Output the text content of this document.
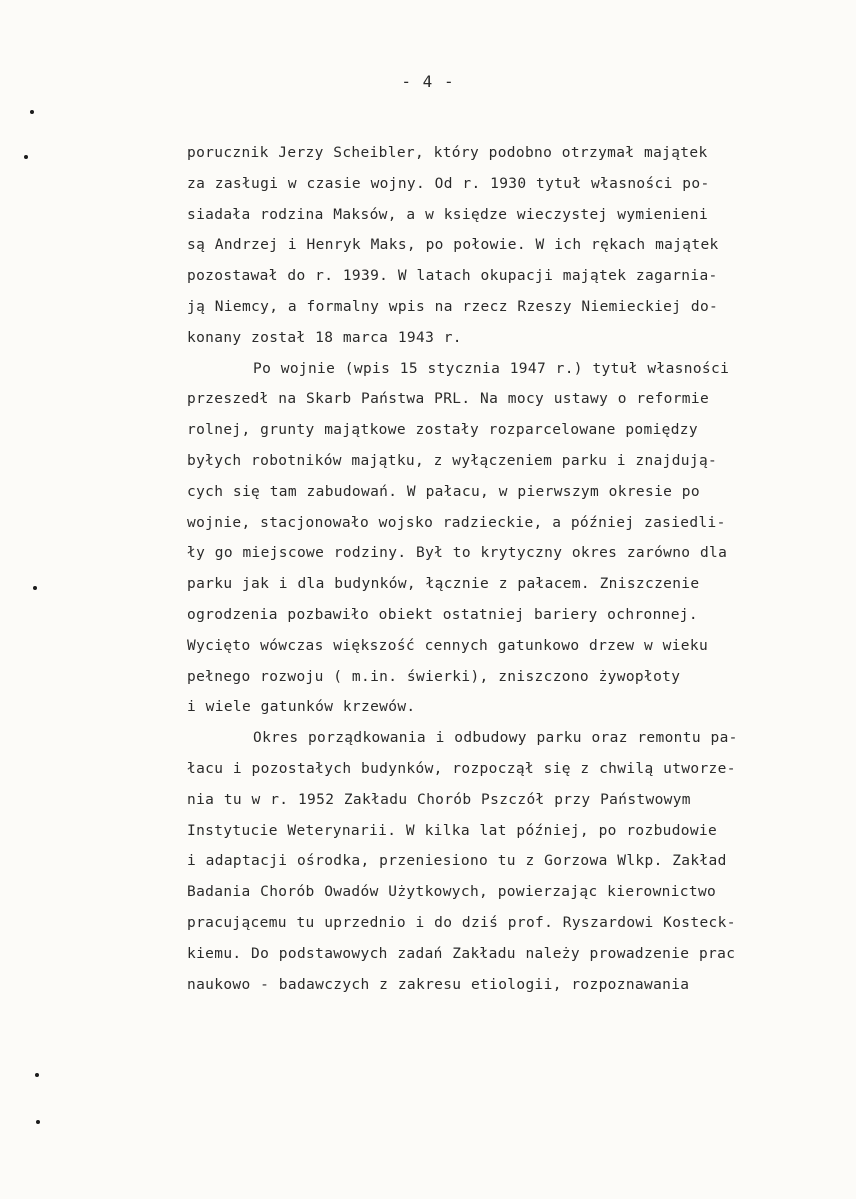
- 4 -
porucznik Jerzy Scheibler, który podobno otrzymał majątek
za zasługi w czasie wojny. Od r. 1930 tytuł własności po-
siadała rodzina Maksów, a w księdze wieczystej wymienieni
są Andrzej i Henryk Maks, po połowie. W ich rękach majątek
pozostawał do r. 1939. W latach okupacji majątek zagarnia-
ją Niemcy, a formalny wpis na rzecz Rzeszy Niemieckiej do-
konany został 18 marca 1943 r.
Po wojnie (wpis 15 stycznia 1947 r.) tytuł własności
przeszedł na Skarb Państwa PRL. Na mocy ustawy o reformie
rolnej, grunty majątkowe zostały rozparcelowane pomiędzy
byłych robotników majątku, z wyłączeniem parku i znajdują-
cych się tam zabudowań. W pałacu, w pierwszym okresie po
wojnie, stacjonowało wojsko radzieckie, a później zasiedli-
ły go miejscowe rodziny. Był to krytyczny okres zarówno dla
parku jak i dla budynków, łącznie z pałacem. Zniszczenie
ogrodzenia pozbawiło obiekt ostatniej bariery ochronnej.
Wycięto wówczas większość cennych gatunkowo drzew w wieku
pełnego rozwoju ( m.in. świerki), zniszczono żywopłoty
i wiele gatunków krzewów.
Okres porządkowania i odbudowy parku oraz remontu pa-
łacu i pozostałych budynków, rozpoczął się z chwilą utworze-
nia tu w r. 1952 Zakładu Chorób Pszczół przy Państwowym
Instytucie Weterynarii. W kilka lat później, po rozbudowie
i adaptacji ośrodka, przeniesiono tu z Gorzowa Wlkp. Zakład
Badania Chorób Owadów Użytkowych, powierzając kierownictwo
pracującemu tu uprzednio i do dziś prof. Ryszardowi Kosteck-
kiemu. Do podstawowych zadań Zakładu należy prowadzenie prac
naukowo - badawczych z zakresu etiologii, rozpoznawania
